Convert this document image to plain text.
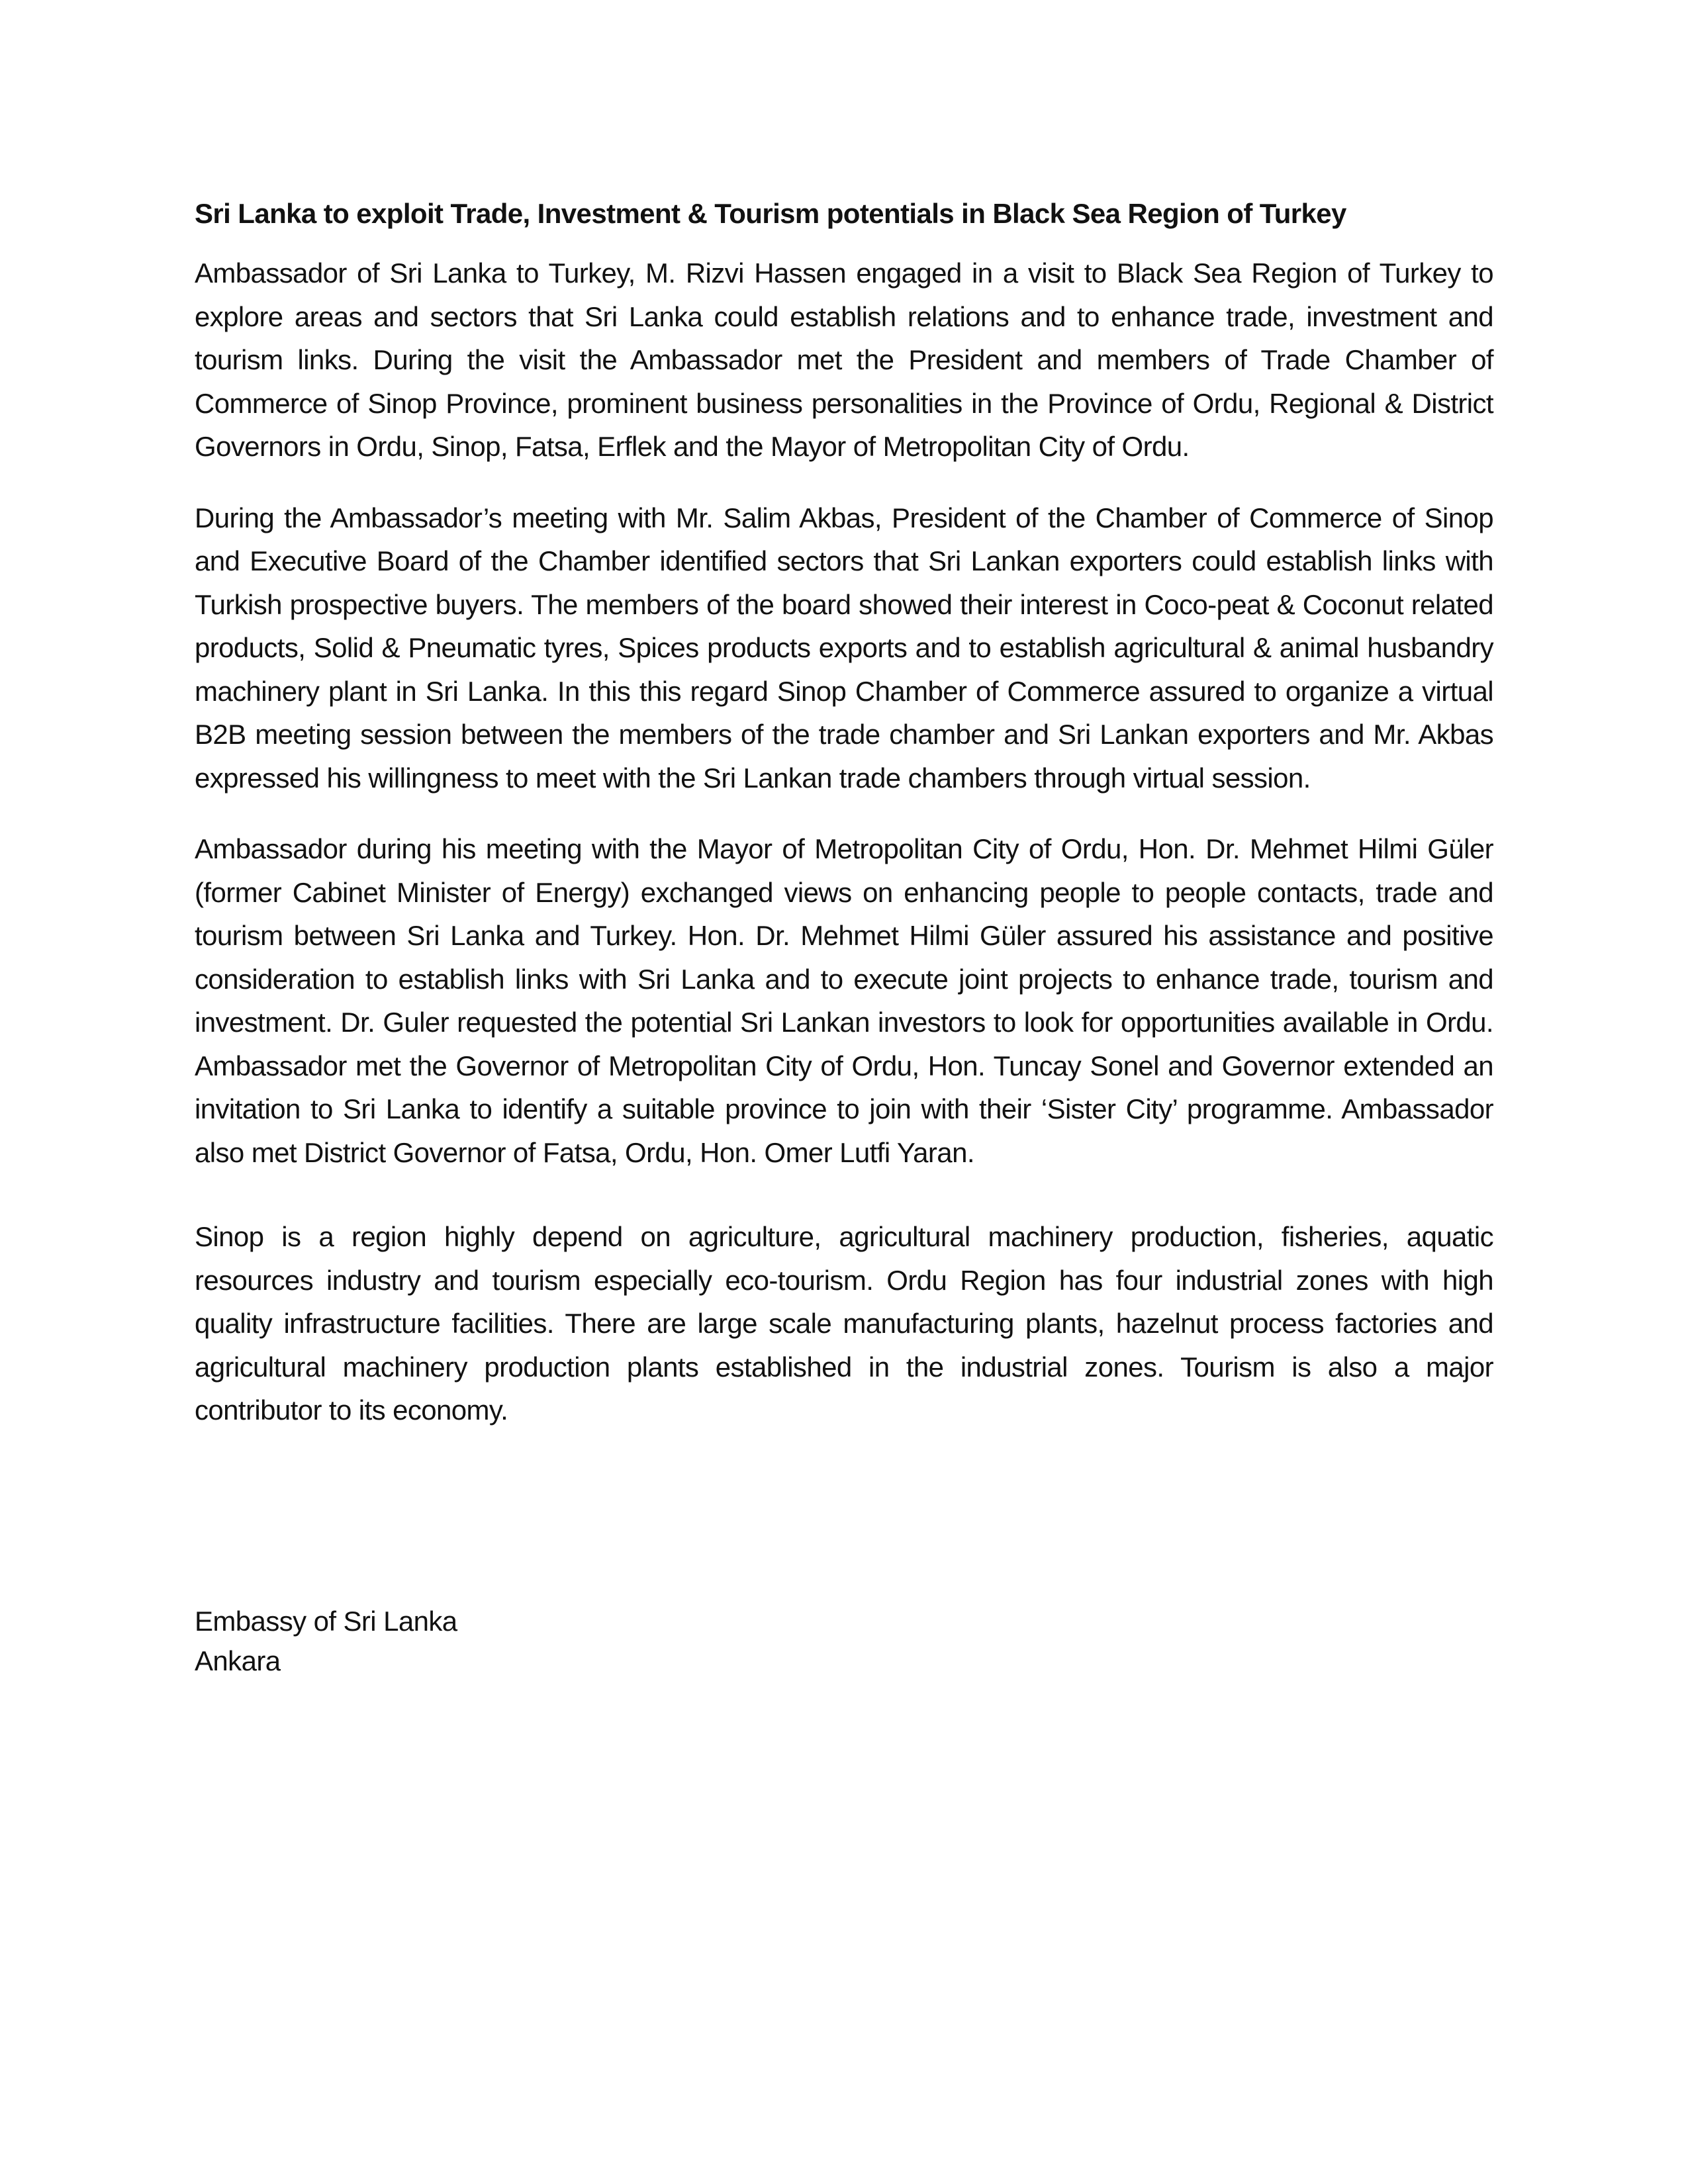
Sri Lanka to exploit Trade, Investment & Tourism potentials in Black Sea Region of Turkey

Ambassador of Sri Lanka to Turkey, M. Rizvi Hassen engaged in a visit to Black Sea Region of Turkey to explore areas and sectors that Sri Lanka could establish relations and to enhance trade, investment and tourism links. During the visit the Ambassador met the President and members of Trade Chamber of Commerce of Sinop Province, prominent business personalities in the Province of Ordu, Regional & District Governors in Ordu, Sinop, Fatsa, Erflek and the Mayor of Metropolitan City of Ordu.

During the Ambassador’s meeting with Mr. Salim Akbas, President of the Chamber of Commerce of Sinop and Executive Board of the Chamber identified sectors that Sri Lankan exporters could establish links with Turkish prospective buyers. The members of the board showed their interest in Coco-peat & Coconut related products, Solid & Pneumatic tyres, Spices products exports and to establish agricultural & animal husbandry machinery plant in Sri Lanka. In this this regard Sinop Chamber of Commerce assured to organize a virtual B2B meeting session between the members of the trade chamber and Sri Lankan exporters and Mr. Akbas expressed his willingness to meet with the Sri Lankan trade chambers through virtual session.

Ambassador during his meeting with the Mayor of Metropolitan City of Ordu, Hon. Dr. Mehmet Hilmi Güler (former Cabinet Minister of Energy) exchanged views on enhancing people to people contacts, trade and tourism between Sri Lanka and Turkey. Hon. Dr. Mehmet Hilmi Güler assured his assistance and positive consideration to establish links with Sri Lanka and to execute joint projects to enhance trade, tourism and investment. Dr. Guler requested the potential Sri Lankan investors to look for opportunities available in Ordu. Ambassador met the Governor of Metropolitan City of Ordu, Hon. Tuncay Sonel and Governor extended an invitation to Sri Lanka to identify a suitable province to join with their ‘Sister City’ programme. Ambassador also met District Governor of Fatsa, Ordu, Hon. Omer Lutfi Yaran.

Sinop is a region highly depend on agriculture, agricultural machinery production, fisheries, aquatic resources industry and tourism especially eco-tourism. Ordu Region has four industrial zones with high quality infrastructure facilities. There are large scale manufacturing plants, hazelnut process factories and agricultural machinery production plants established in the industrial zones. Tourism is also a major contributor to its economy.

Embassy of Sri Lanka
Ankara
